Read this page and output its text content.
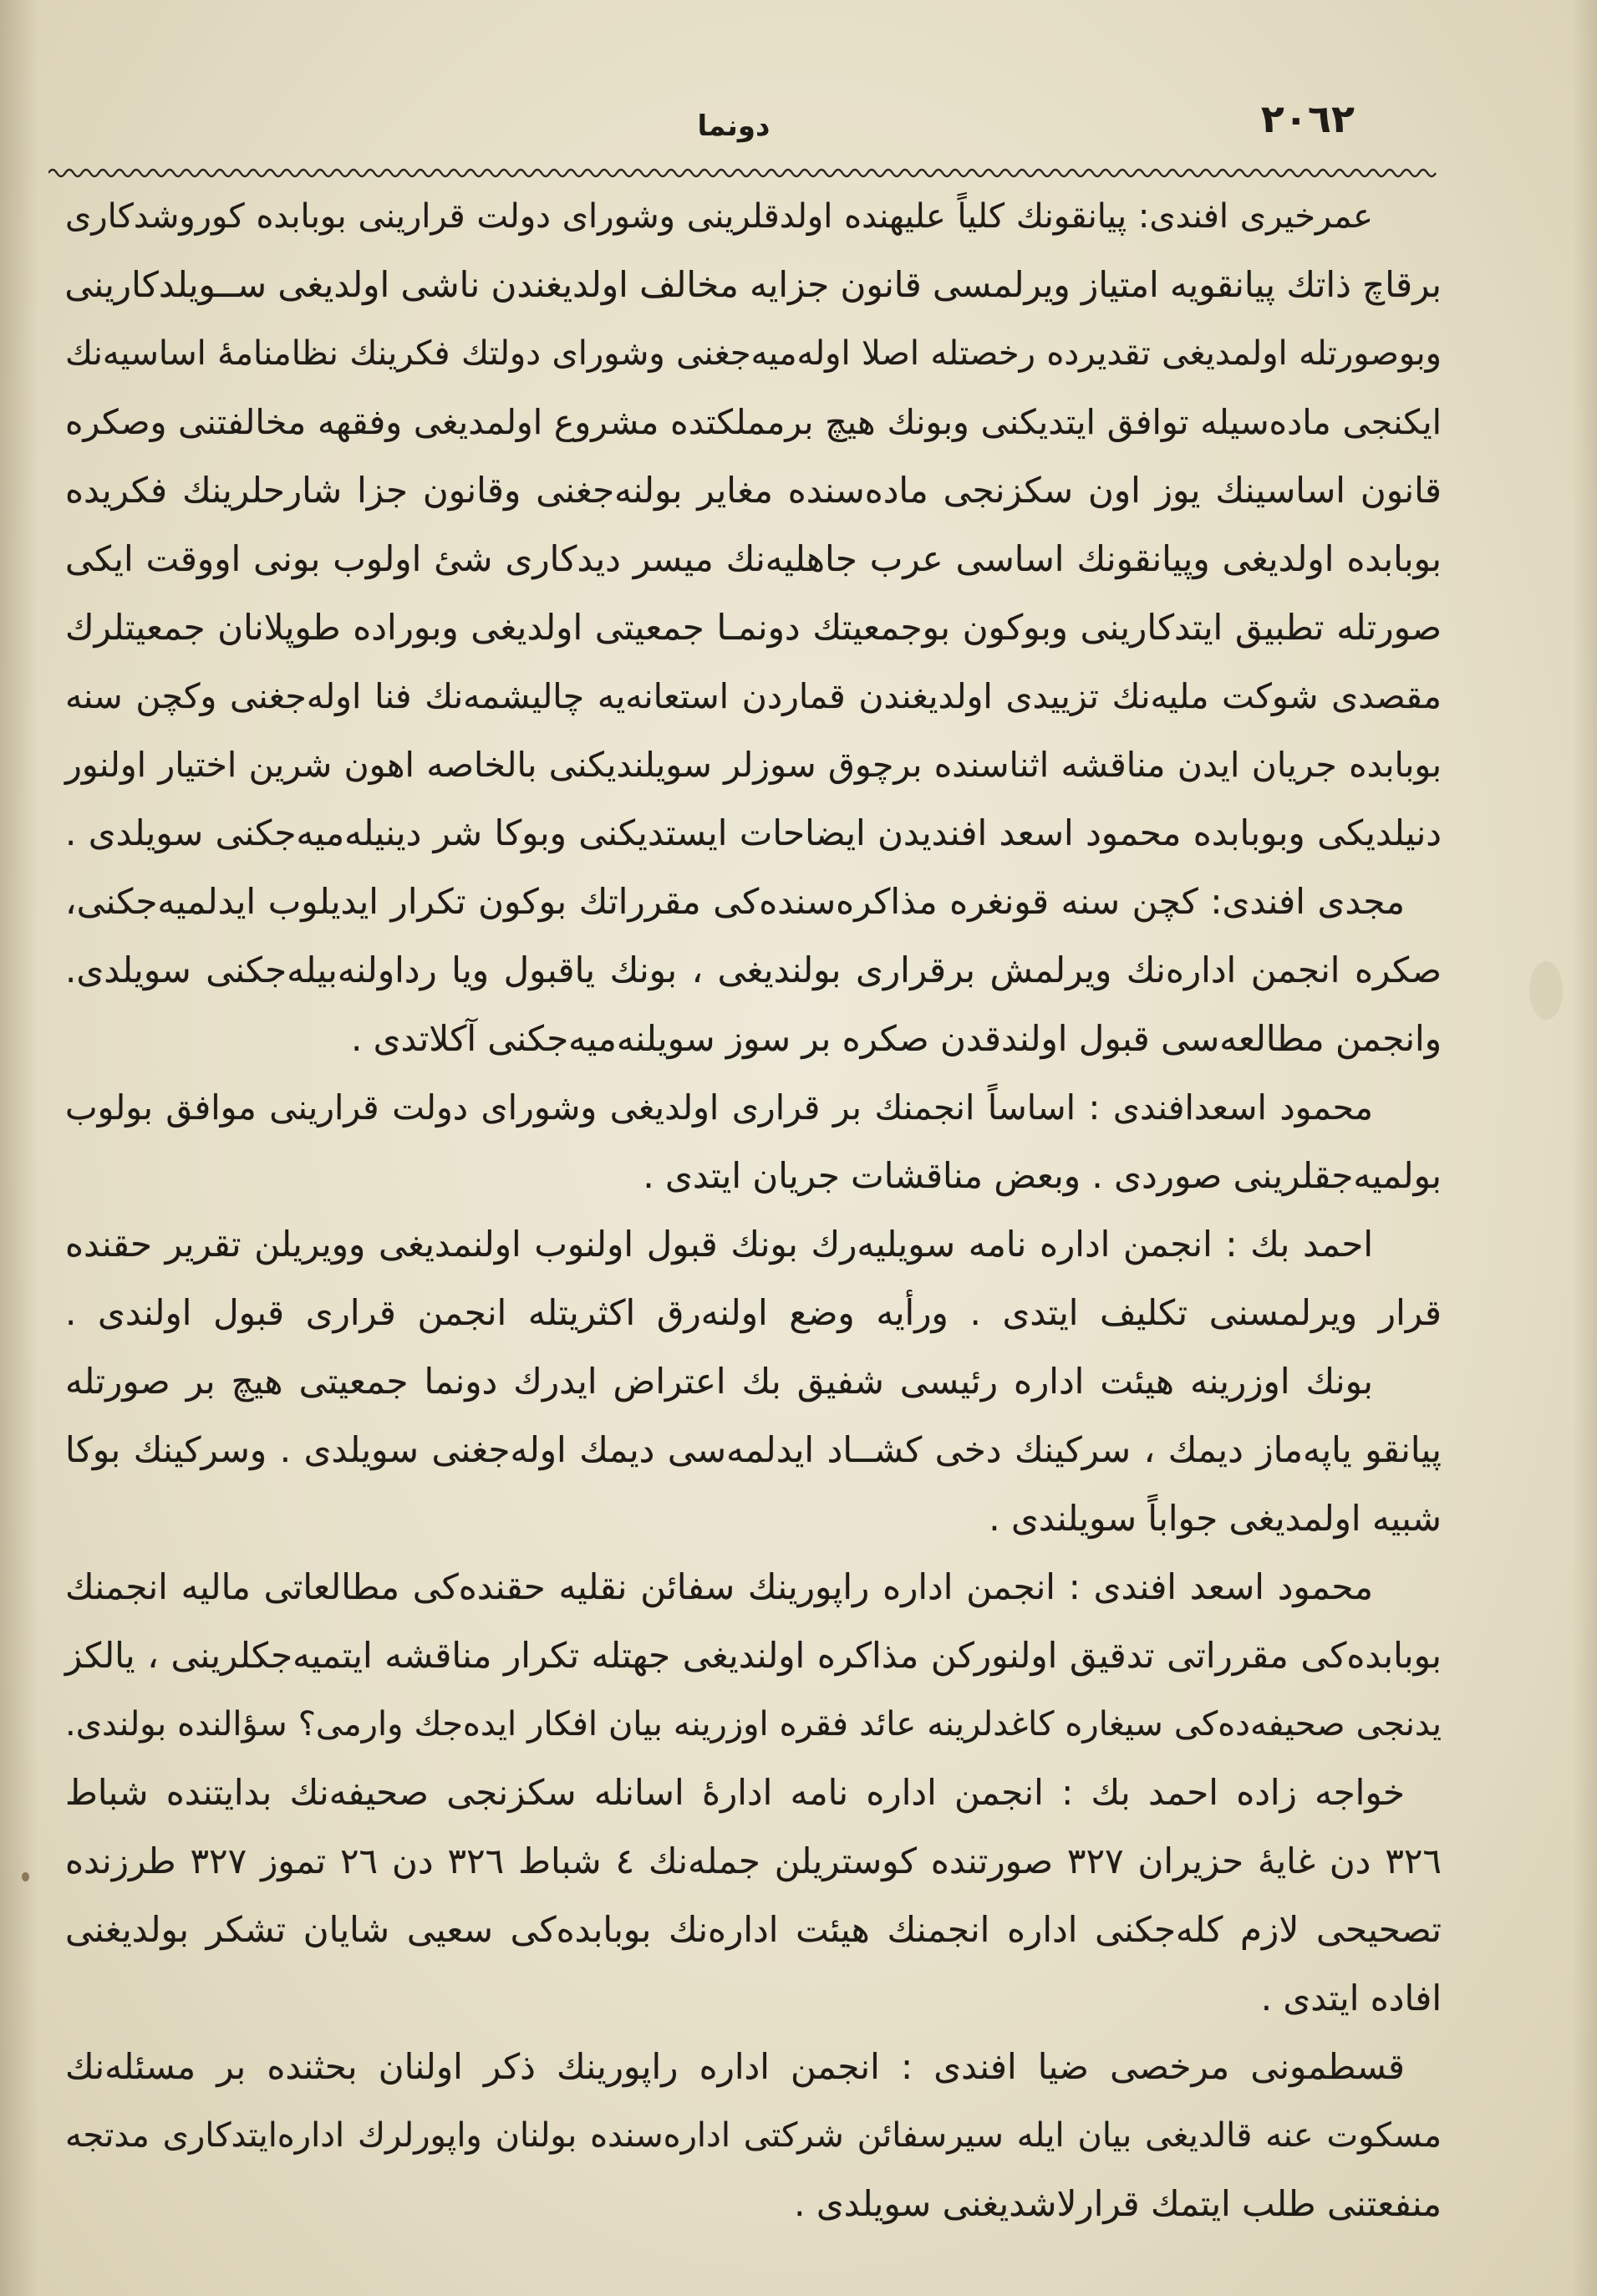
٢٠٦٢
دونما
عمرخیری افندی: پیانقونك كلیاً علیهنده اولدقلرینی وشورای دولت قرارینی بوبابده كوروشدكاری
برقاچ ذاتك پیانقویه امتیاز ویرلمسی قانون جزایه مخالف اولدیغندن ناشی اولدیغی ســویلدكارینی
وبوصورتله اولمدیغی تقدیرده رخصتله اصلا اوله‌میه‌جغنی وشورای دولتك فكرینك نظامنامهٔ اساسیه‌نك
ایكنجی ماده‌سیله توافق ایتدیكنی وبونك هیچ برمملكتده مشروع اولمدیغی وفقهه مخالفتنی وصكره
قانون اساسینك یوز اون سكزنجی ماده‌سنده مغایر بولنه‌جغنی وقانون جزا شارحلرینك فكریده
بوبابده اولدیغی وپیانقونك اساسی عرب جاهلیه‌نك میسر دیدكاری شیٔ اولوب بونی اووقت ایكی
صورتله تطبیق ایتدكارینی وبوكون بوجمعیتك دونمـا جمعیتی اولدیغی وبوراده طوپلانان جمعیتلرك
مقصدی شوكت ملیه‌نك تزییدی اولدیغندن قماردن استعانه‌یه چالیشمه‌نك فنا اوله‌جغنی وكچن سنه
بوبابده جریان ایدن مناقشه اثناسنده برچوق سوزلر سویلندیكنی بالخاصه اهون شرین اختیار اولنور
دنیلدیكی وبوبابده محمود اسعد افندیدن ایضاحات ایستدیكنی وبوكا شر دینیله‌میه‌جكنی سویلدی .
مجدی افندی: كچن سنه قونغره مذاكره‌سنده‌كی مقرراتك بوكون تكرار ایدیلوب ایدلمیه‌جكنی،
صكره انجمن اداره‌نك ویرلمش برقراری بولندیغی ، بونك یاقبول ویا رداولنه‌بیله‌جكنی سویلدی.
وانجمن مطالعه‌سی قبول اولندقدن صكره بر سوز سویلنه‌میه‌جكنی آكلاتدی .
محمود اسعدافندی : اساساً انجمنك بر قراری اولدیغی وشورای دولت قرارینی موافق بولوب
بولمیه‌جقلرینی صوردی . وبعض مناقشات جریان ایتدی .
احمد بك : انجمن اداره نامه سویلیه‌رك بونك قبول اولنوب اولنمدیغی وویریلن تقریر حقنده
قرار ویرلمسنی تكلیف ایتدی . ورأیه وضع اولنه‌رق اكثریتله انجمن قراری قبول اولندی .
بونك اوزرینه هیئت اداره رئیسی شفیق بك اعتراض ایدرك دونما جمعیتی هیچ بر صورتله
پیانقو یاپه‌ماز دیمك ، سركینك دخی كشــاد ایدلمه‌سی دیمك اوله‌جغنی سویلدی . وسركینك بوكا
شبیه اولمدیغی جواباً سویلندی .
محمود اسعد افندی : انجمن اداره راپورینك سفائن نقلیه حقنده‌كی مطالعاتی مالیه انجمنك
بوبابده‌كی مقرراتی تدقیق اولنوركن مذاكره اولندیغی جهتله تكرار مناقشه ایتمیه‌جكلرینی ، یالكز
یدنجی صحیفه‌ده‌كی سیغاره كاغدلرینه عائد فقره اوزرینه بیان افكار ایده‌جك وارمی؟ سؤالنده بولندی.
خواجه زاده احمد بك : انجمن اداره نامه ادارهٔ اسانله سكزنجی صحیفه‌نك بدایتنده شباط
٣٢٦ دن غایهٔ حزیران ٣٢٧ صورتنده كوستریلن جمله‌نك ٤ شباط ٣٢٦ دن ٢٦ تموز ٣٢٧ طرزنده
تصحیحی لازم كله‌جكنی اداره انجمنك هیئت اداره‌نك بوبابده‌كی سعیی شایان تشكر بولدیغنی
افاده ایتدی .
قسطمونی مرخصی ضیا افندی : انجمن اداره راپورینك ذكر اولنان بحثنده بر مسئله‌نك
مسكوت عنه قالدیغی بیان ایله سیرسفائن شركتی اداره‌سنده بولنان واپورلرك اداره‌ایتدكاری مدتجه
منفعتنی طلب ایتمك قرارلاشدیغنی سویلدی .
